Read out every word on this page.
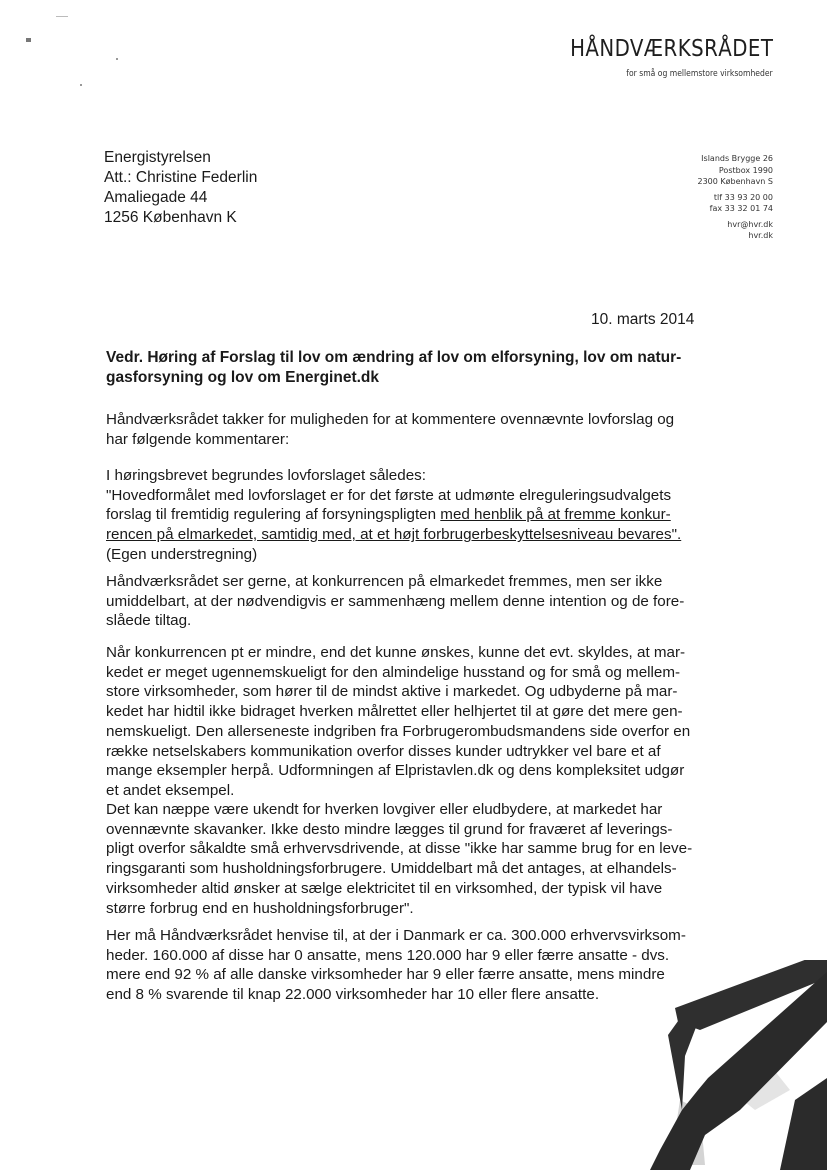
HÅNDVÆRKSRÅDET
for små og mellemstore virksomheder
Energistyrelsen
Att.: Christine Federlin
Amaliegade 44
1256 København K
Islands Brygge 26
Postbox 1990
2300 København S
tlf 33 93 20 00
fax 33 32 01 74
hvr@hvr.dk
hvr.dk
10. marts 2014
Vedr. Høring af Forslag til lov om ændring af lov om elforsyning, lov om natur-
gasforsyning og lov om Energinet.dk
Håndværksrådet takker for muligheden for at kommentere ovennævnte lovforslag og
har følgende kommentarer:
I høringsbrevet begrundes lovforslaget således:
"Hovedformålet med lovforslaget er for det første at udmønte elreguleringsudvalgets
forslag til fremtidig regulering af forsyningspligten med henblik på at fremme konkur-
rencen på elmarkedet, samtidig med, at et højt forbrugerbeskyttelsesniveau bevares".
(Egen understregning)
Håndværksrådet ser gerne, at konkurrencen på elmarkedet fremmes, men ser ikke
umiddelbart, at der nødvendigvis er sammenhæng mellem denne intention og de fore-
slåede tiltag.
Når konkurrencen pt er mindre, end det kunne ønskes, kunne det evt. skyldes, at mar-
kedet er meget ugennemskueligt for den almindelige husstand og for små og mellem-
store virksomheder, som hører til de mindst aktive i markedet. Og udbyderne på mar-
kedet har hidtil ikke bidraget hverken målrettet eller helhjertet til at gøre det mere gen-
nemskueligt. Den allerseneste indgriben fra Forbrugerombudsmandens side overfor en
række netselskabers kommunikation overfor disses kunder udtrykker vel bare et af
mange eksempler herpå. Udformningen af Elpristavlen.dk og dens kompleksitet udgør
et andet eksempel.
Det kan næppe være ukendt for hverken lovgiver eller eludbydere, at markedet har
ovennævnte skavanker. Ikke desto mindre lægges til grund for fraværet af leverings-
pligt overfor såkaldte små erhvervsdrivende, at disse "ikke har samme brug for en leve-
ringsgaranti som husholdningsforbrugere. Umiddelbart må det antages, at elhandels-
virksomheder altid ønsker at sælge elektricitet til en virksomhed, der typisk vil have
større forbrug end en husholdningsforbruger".
Her må Håndværksrådet henvise til, at der i Danmark er ca. 300.000 erhvervsvirksom-
heder. 160.000 af disse har 0 ansatte, mens 120.000 har 9 eller færre ansatte - dvs.
mere end 92 % af alle danske virksomheder har 9 eller færre ansatte, mens mindre
end 8 % svarende til knap 22.000 virksomheder har 10 eller flere ansatte.
